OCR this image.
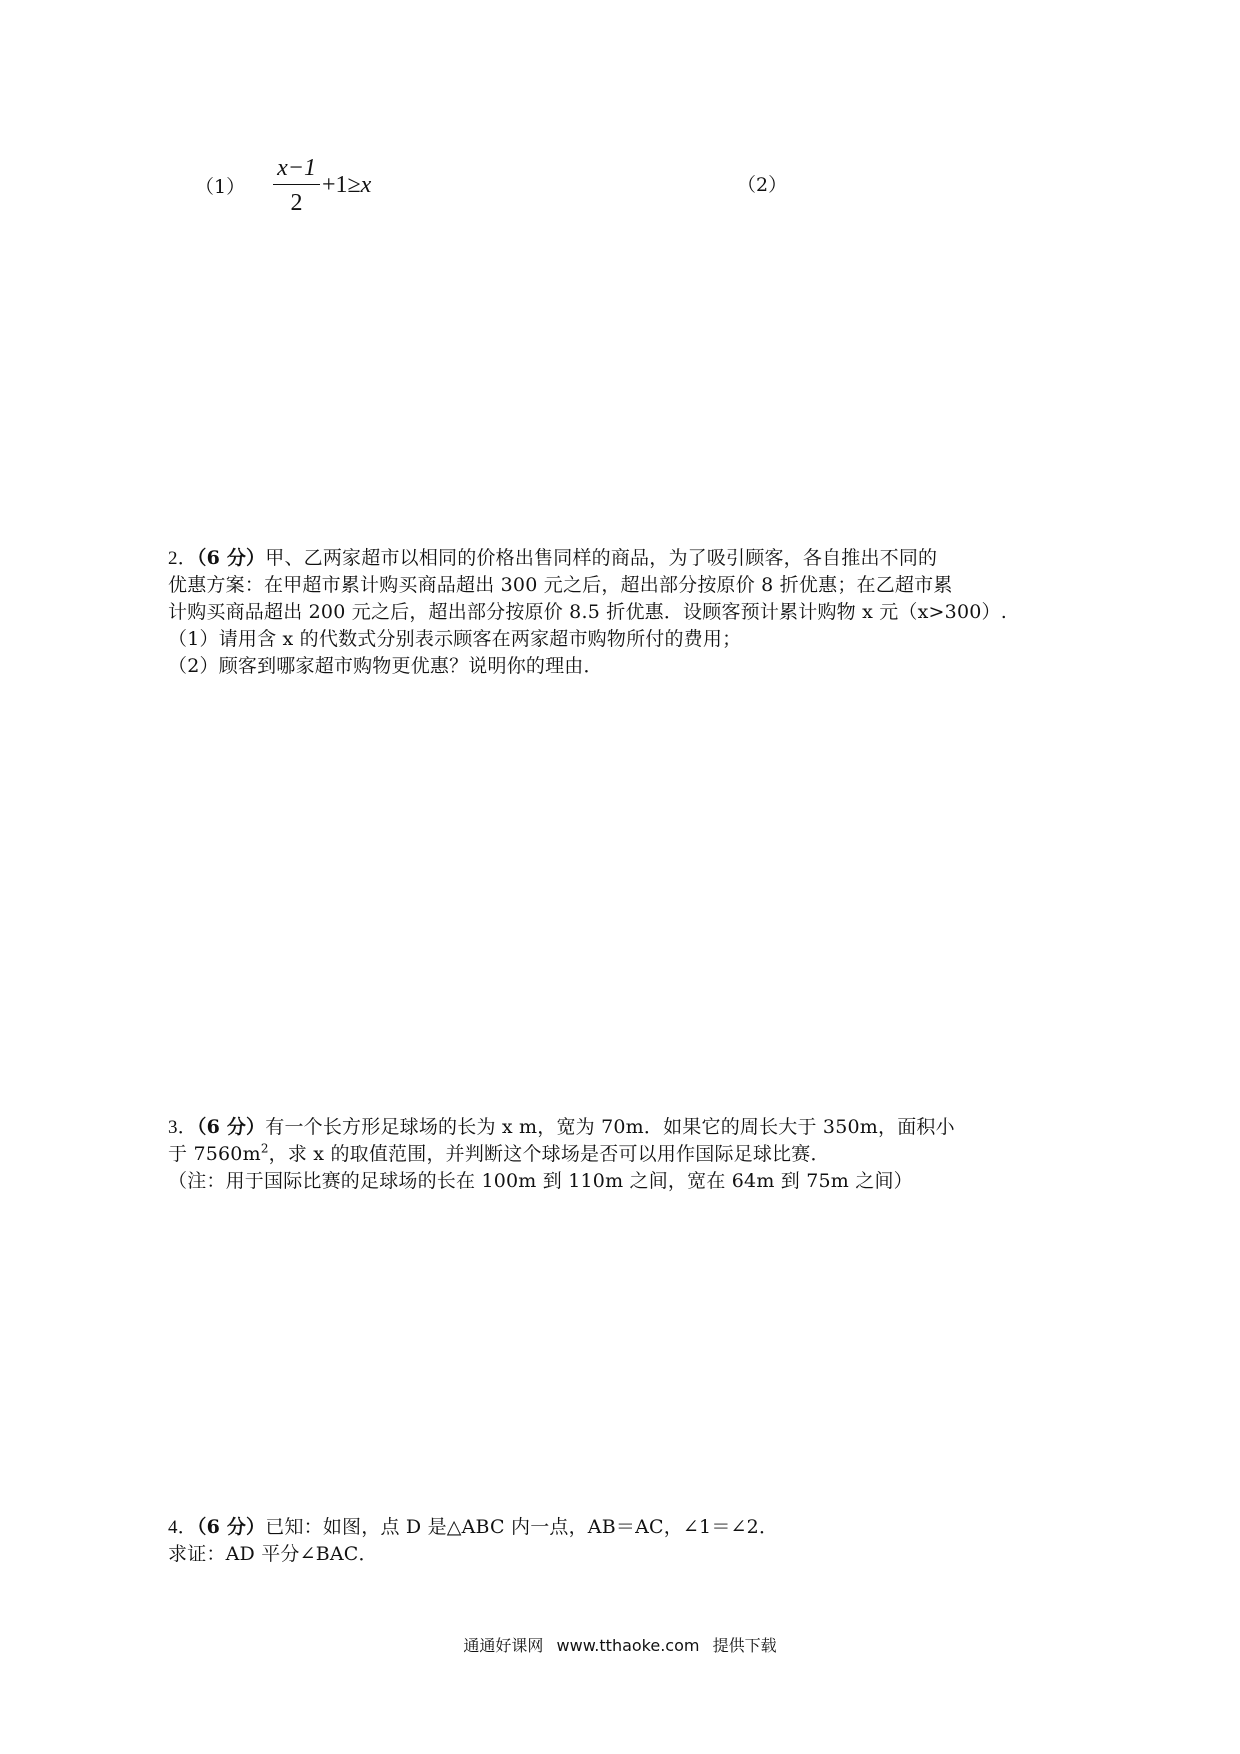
$(1) \frac{x-1}{2} +1\ge x$	（2）

2．（6 分）甲、乙两家超市以相同的价格出售同样的商品，为了吸引顾客，各自推出不同的

优惠方案：在甲超市累计购买商品超出 300 元之后，超出部分按原价 8 折优惠；在乙超市累

计购买商品超出 200 元之后，超出部分按原价 8.5 折优惠．设顾客预计累计购物 x 元（x>300）.

（1）请用含 x 的代数式分别表示顾客在两家超市购物所付的费用；

（2）顾客到哪家超市购物更优惠？说明你的理由．

3．（6 分）有一个长方形足球场的长为 x m，宽为 70m．如果它的周长大于 350m，面积小

于 $7560m^2$，求 x 的取值范围，并判断这个球场是否可以用作国际足球比赛．

（注：用于国际比赛的足球场的长在 100m 到 110m 之间，宽在 64m 到 75m 之间）

4．（6 分）已知：如图，点 D 是△ABC 内一点，AB＝AC，∠1＝∠2．

求证：AD 平分∠BAC．

通通好课网 www.tthaoke.com 提供下载
